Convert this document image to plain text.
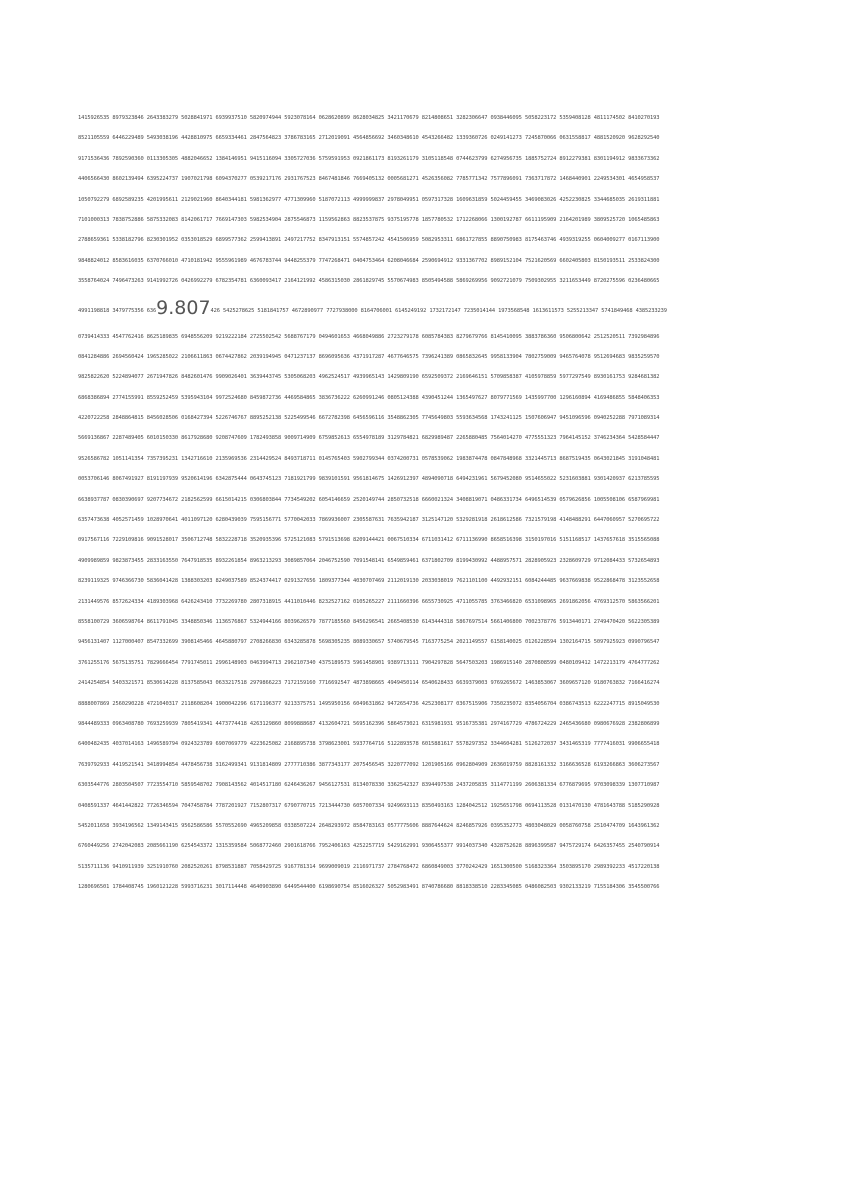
1415926535 8979323846 2643383279 5028841971 6939937510 5820974944 5923078164 0628620899 8628034825 3421170679 8214808651 3282306647 0938446095 5058223172 5359408128 4811174502 8410270193
8521105559 6446229489 5493038196 4428810975 6659334461 2847564823 3786783165 2712019091 4564856692 3460348610 4543266482 1339360726 0249141273 7245870066 0631558817 4881520920 9628292540
9171536436 7892590360 0113305305 4882046652 1384146951 9415116094 3305727036 5759591953 0921861173 8193261179 3105118548 0744623799 6274956735 1885752724 8912279381 8301194912 9833673362
4406566430 8602139494 6395224737 1907021798 6094370277 0539217176 2931767523 8467481846 7669405132 0005681271 4526356082 7785771342 7577896091 7363717872 1468440901 2249534301 4654958537
1050792279 6892589235 4201995611 2129021960 8640344181 5981362977 4771309960 5187072113 4999999837 2978049951 0597317328 1609631859 5024459455 3469083026 4252230825 3344685035 2619311881
7101000313 7838752886 5875332083 8142061717 7669147303 5982534904 2875546873 1159562863 8823537875 9375195778 1857780532 1712268066 1300192787 6611195909 2164201989 3809525720 1065485863
2788659361 5338182796 8230301952 0353018529 6899577362 2599413891 2497217752 8347913151 5574857242 4541506959 5082953311 6861727855 8890750983 8175463746 4939319255 0604009277 0167113900
9848824012 8583616035 6370766010 4710181942 9555961989 4676783744 9448255379 7747268471 0404753464 6208046684 2590694912 9331367702 8989152104 7521620569 6602405803 8150193511 2533824300
3558764024 7496473263 9141992726 0426992279 6782354781 6360093417 2164121992 4586315030 2861829745 5570674983 8505494588 5869269956 9092721079 7509302955 3211653449 8720275596 0236480665
4991198818 3479775356 6369.807426 5425278625 5181841757 4672890977 7727938000 8164706001 6145249192 1732172147 7235014144 1973568548 1613611573 5255213347 5741849468 4385233239
0739414333 4547762416 8625189835 6948556209 9219222184 2725502542 5688767179 0494601653 4668049886 2723279178 6085784383 8279679766 8145410095 3883786360 9506800642 2512520511 7392984896
0841284886 2694560424 1965285022 2106611863 0674427862 2039194945 0471237137 8696095636 4371917287 4677646575 7396241389 0865832645 9958133904 7802759009 9465764078 9512694683 9835259570
9825822620 5224894077 2671947826 8482601476 9909026401 3639443745 5305068203 4962524517 4939965143 1429809190 6592509372 2169646151 5709858387 4105978859 5977297549 8930161753 9284681382
6868386894 2774155991 8559252459 5395943104 9972524680 8459872736 4469584865 3836736222 6260991246 0805124388 4390451244 1365497627 8079771569 1435997700 1296160894 4169486855 5848406353
4220722258 2848864815 8456028506 0168427394 5226746767 8895252138 5225499546 6672782398 6456596116 3548862305 7745649803 5593634568 1743241125 1507606947 9451096596 0940252288 7971089314
5669136867 2287489405 6010150330 8617928680 9208747609 1782493858 9009714909 6759852613 6554978189 3129784821 6829989487 2265880485 7564014270 4775551323 7964145152 3746234364 5428584447
9526586782 1051141354 7357395231 1342716610 2135969536 2314429524 8493718711 0145765403 5902799344 0374200731 0578539062 1983874478 0847848968 3321445713 8687519435 0643021845 3191048481
0053706146 8067491927 8191197939 9520614196 6342875444 0643745123 7181921799 9839101591 9561814675 1426912397 4894090718 6494231961 5679452080 9514655022 5231603881 9301420937 6213785595
6638937787 0830390697 9207734672 2182562599 6615014215 0306803844 7734549202 6054146659 2520149744 2850732518 6660021324 3408819071 0486331734 6496514539 0579626856 1005508106 6587969981
6357473638 4052571459 1028970641 4011097120 6280439039 7595156771 5770042033 7869936007 2305587631 7635942187 3125147120 5329281918 2618612586 7321579198 4148488291 6447060957 5270695722
0917567116 7229109816 9091528017 3506712748 5832228718 3520935396 5725121083 5791513698 8209144421 0067510334 6711031412 6711136990 8658516398 3150197016 5151168517 1437657618 3515565088
4909989859 9823873455 2833163550 7647918535 8932261854 8963213293 3089857064 2046752590 7091548141 6549859461 6371802709 8199430992 4488957571 2828905923 2328609729 9712084433 5732654893
8239119325 9746366730 5836041428 1388303203 8249037589 8524374417 0291327656 1809377344 4030707469 2112019130 2033038019 7621101100 4492932151 6084244485 9637669838 9522868478 3123552658
2131449576 8572624334 4189303968 6426243410 7732269780 2807318915 4411010446 8232527162 0105265227 2111660396 6655730925 4711055785 3763466820 6531098965 2691862056 4769312570 5863566201
8558100729 3606598764 8611791045 3348850346 1136576867 5324944166 8039626579 7877185560 8456296541 2665408530 6143444318 5867697514 5661406800 7002378776 5913440171 2749470420 5622305389
9456131407 1127000407 8547332699 3908145466 4645880797 2708266830 6343285878 5698305235 8089330657 5740679545 7163775254 2021149557 6158140025 0126228594 1302164715 5097925923 0990796547
3761255176 5675135751 7829666454 7791745011 2996148903 0463994713 2962107340 4375189573 5961458901 9389713111 7904297828 5647503203 1986915140 2870808599 0480109412 1472213179 4764777262
2414254854 5403321571 8530614228 8137585043 0633217518 2979866223 7172159160 7716692547 4873898665 4949450114 6540628433 6639379003 9769265672 1463853067 3609657120 9180763832 7166416274
8888007869 2560290228 4721040317 2118608204 1900042296 6171196377 9213375751 1495950156 6049631862 9472654736 4252308177 0367515906 7350235072 8354056704 0386743513 6222247715 8915049530
9844489333 0963408780 7693259939 7805419341 4473774418 4263129860 8099888687 4132604721 5695162396 5864573021 6315981931 9516735381 2974167729 4786724229 2465436680 0980676928 2382806899
6400482435 4037014163 1496589794 0924323789 6907069779 4223625082 2168895738 3798623001 5937764716 5122893578 6015881617 5578297352 3344604281 5126272037 3431465319 7777416031 9906655418
7639792933 4419521541 3418994854 4478456738 3162499341 9131814809 2777710386 3877343177 2075456545 3220777092 1201905166 0962804909 2636019759 8828161332 3166636528 6193266863 3606273567
6303544776 2803504507 7723554710 5859548702 7908143562 4014517180 6246436267 9456127531 8134078330 3362542327 8394497538 2437205835 3114771199 2606381334 6776879695 9703098339 1307710987
0408591337 4641442822 7726346594 7047458784 7787201927 7152807317 6790770715 7213444730 6057007334 9249693113 8350493163 1284042512 1925651798 0694113528 0131470130 4781643788 5185290928
5452011658 3934196562 1349143415 9562586586 5570552690 4965209858 0338507224 2648293972 8584783163 0577775606 8887644624 8246857926 0395352773 4803048029 0058760758 2510474709 1643961362
6760449256 2742042083 2085661190 6254543372 1315359584 5068772460 2901618766 7952406163 4252257719 5429162991 9306455377 9914037340 4328752628 8896399587 9475729174 6426357455 2540790914
5135711136 9410911939 3251910760 2082520261 8798531887 7058429725 9167781314 9699009019 2116971737 2784768472 6860849003 3770242429 1651300500 5168323364 3503895170 2989392233 4517220138
1280696501 1784408745 1960121228 5993716231 3017114448 4640903890 6449544400 6198690754 8516026327 5052983491 8740786680 8818338510 2283345085 0486082503 9302133219 7155184306 3545500766
